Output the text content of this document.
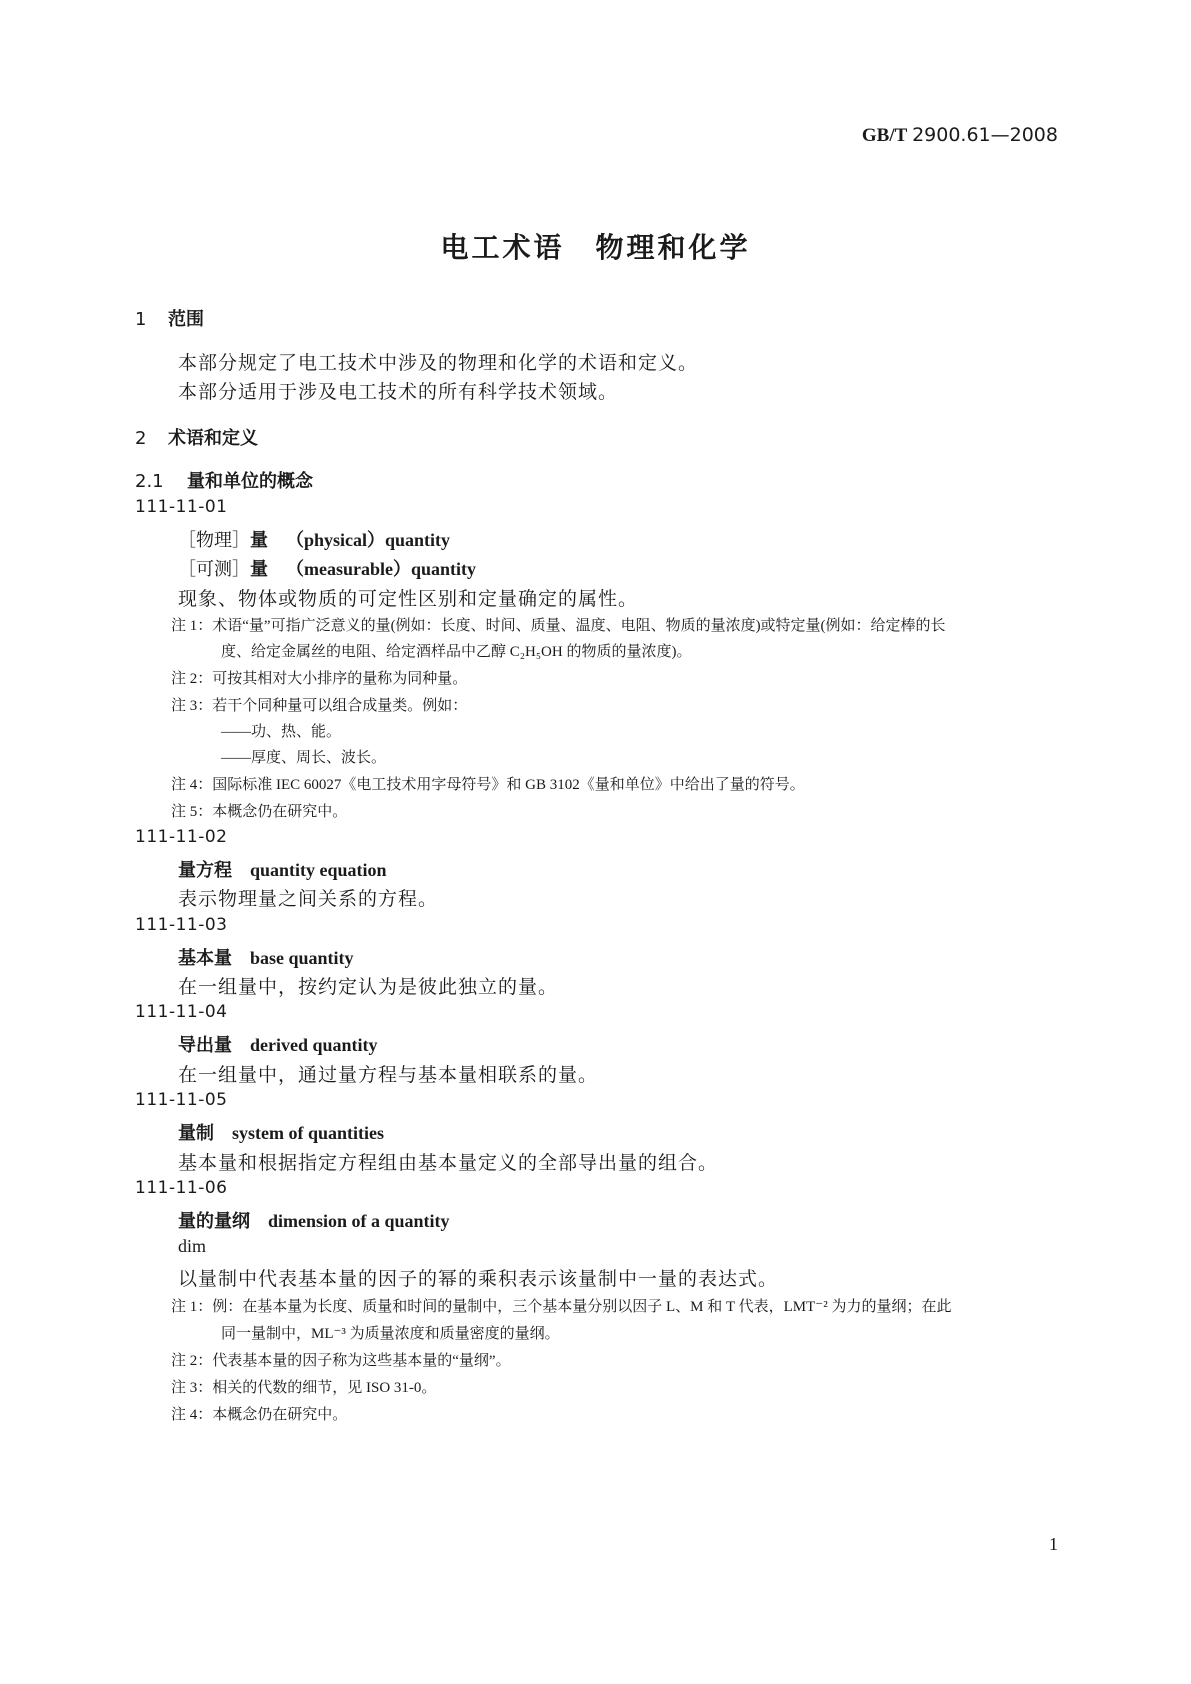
GB/T 2900.61—2008
电工术语　物理和化学
1 范围
本部分规定了电工技术中涉及的物理和化学的术语和定义。
本部分适用于涉及电工技术的所有科学技术领域。
2 术语和定义
2.1 量和单位的概念
111-11-01
［物理］量 （physical）quantity
［可测］量 （measurable）quantity
现象、物体或物质的可定性区别和定量确定的属性。
注 1：术语“量”可指广泛意义的量(例如：长度、时间、质量、温度、电阻、物质的量浓度)或特定量(例如：给定棒的长
度、给定金属丝的电阻、给定酒样品中乙醇 C₂H₅OH 的物质的量浓度)。
注 2：可按其相对大小排序的量称为同种量。
注 3：若干个同种量可以组合成量类。例如：
——功、热、能。
——厚度、周长、波长。
注 4：国际标准 IEC 60027《电工技术用字母符号》和 GB 3102《量和单位》中给出了量的符号。
注 5：本概念仍在研究中。
111-11-02
量方程 quantity equation
表示物理量之间关系的方程。
111-11-03
基本量 base quantity
在一组量中，按约定认为是彼此独立的量。
111-11-04
导出量 derived quantity
在一组量中，通过量方程与基本量相联系的量。
111-11-05
量制 system of quantities
基本量和根据指定方程组由基本量定义的全部导出量的组合。
111-11-06
量的量纲 dimension of a quantity
dim
以量制中代表基本量的因子的幂的乘积表示该量制中一量的表达式。
注 1：例：在基本量为长度、质量和时间的量制中，三个基本量分别以因子 L、M 和 T 代表，LMT⁻² 为力的量纲；在此
同一量制中，ML⁻³ 为质量浓度和质量密度的量纲。
注 2：代表基本量的因子称为这些基本量的“量纲”。
注 3：相关的代数的细节，见 ISO 31-0。
注 4：本概念仍在研究中。
1
